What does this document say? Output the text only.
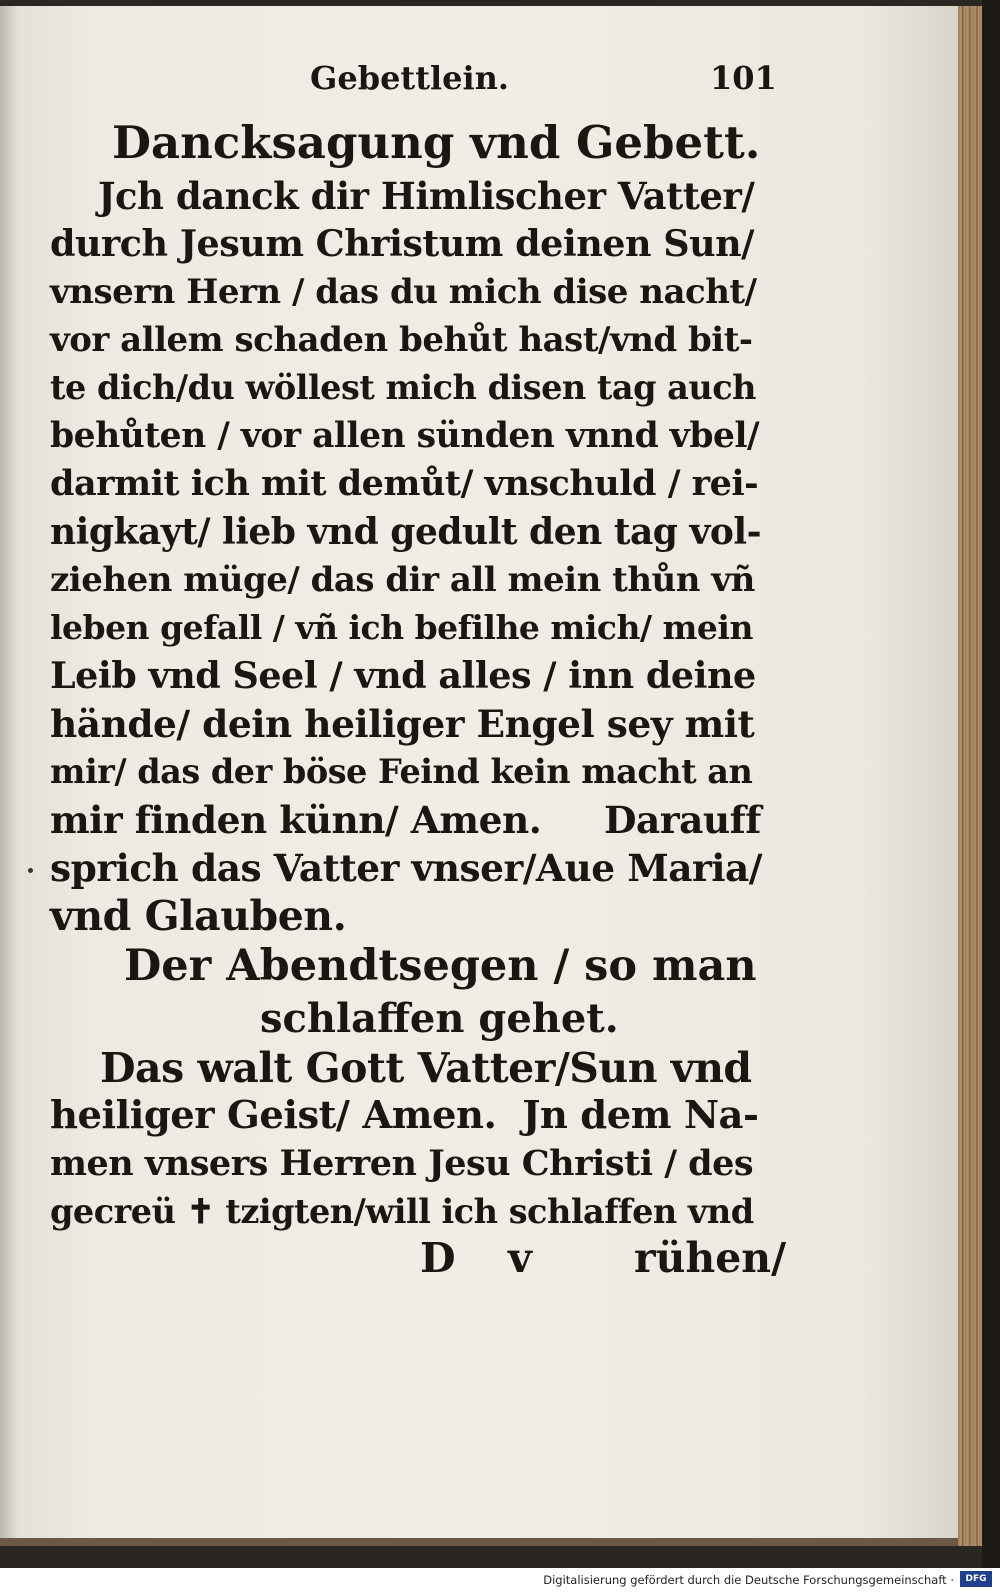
Gebettlein.	101
Dancksagung vnd Gebett.
Jch danck dir Himlischer Vatter/
durch Jesum Christum deinen Sun/
vnsern Hern / das du mich dise nacht/
vor allem schaden behůt hast/vnd bit-
te dich/du wöllest mich disen tag auch
behůten / vor allen sünden vnnd vbel/
darmit ich mit demůt/ vnschuld / rei-
nigkayt/ lieb vnd gedult den tag vol-
ziehen müge/ das dir all mein thůn vñ
leben gefall / vñ ich befilhe mich/ mein
Leib vnd Seel / vnd alles / inn deine
hände/ dein heiliger Engel sey mit
mir/ das der böse Feind kein macht an
mir finden künn/ Amen.     Darauff
sprich das Vatter vnser/Aue Maria/
vnd Glauben.
Der Abendtsegen / so man
schlaffen gehet.
Das walt Gott Vatter/Sun vnd
heiliger Geist/ Amen.  Jn dem Na-
men vnsers Herren Jesu Christi / des
gecreü ✝ tzigten/will ich schlaffen vnd
D v rühen/
Digitalisierung gefördert durch die Deutsche Forschungsgemeinschaft ·	DFG
